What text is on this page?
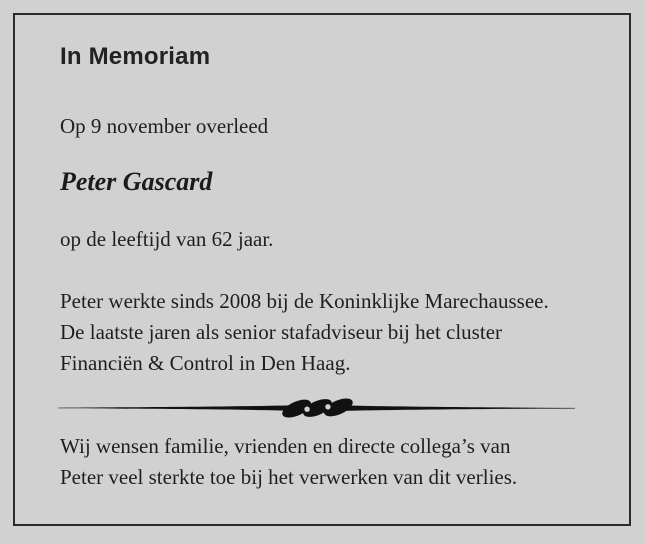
In Memoriam

Op 9 november overleed

Peter Gascard

op de leeftijd van 62 jaar.

Peter werkte sinds 2008 bij de Koninklijke Marechaussee.
De laatste jaren als senior stafadviseur bij het cluster
Financiën & Control in Den Haag.
Wij wensen familie, vrienden en directe collega’s van
Peter veel sterkte toe bij het verwerken van dit verlies.
